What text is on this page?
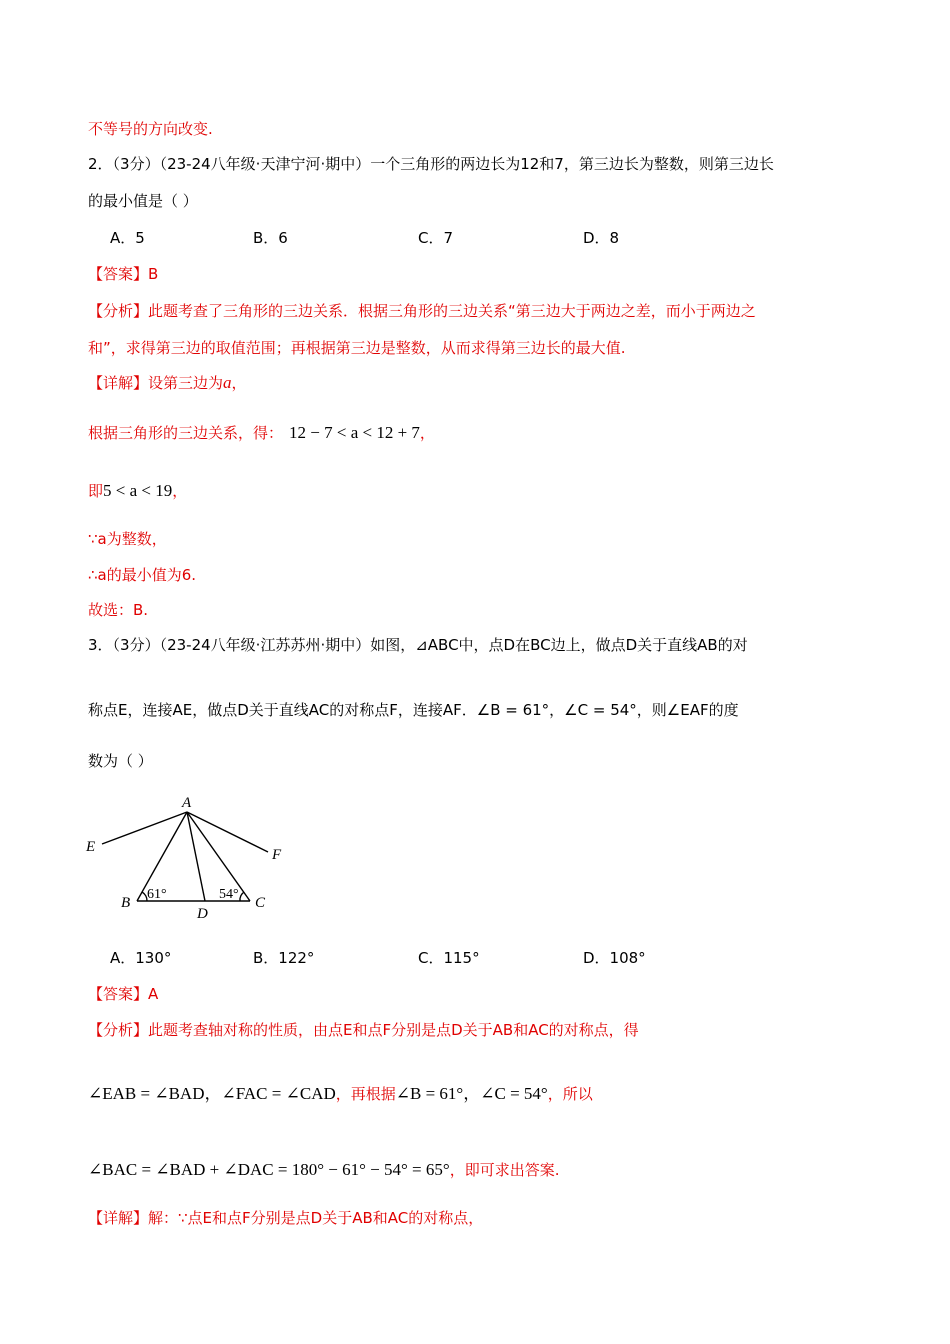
不等号的方向改变.
2．（3分）（23-24八年级·天津宁河·期中）一个三角形的两边长为12和7，第三边长为整数，则第三边长
的最小值是（ ）
A．5	B．6	C．7	D．8
【答案】B
【分析】此题考查了三角形的三边关系．根据三角形的三边关系“第三边大于两边之差，而小于两边之
和”，求得第三边的取值范围；再根据第三边是整数，从而求得第三边长的最大值.
【详解】设第三边为a，
根据三角形的三边关系，得： 12 − 7 < a < 12 + 7，
即5 < a < 19，
∵a为整数，
∴a的最小值为6.
故选：B.
3．（3分）（23-24八年级·江苏苏州·期中）如图，⊿ABC中，点D在BC边上，做点D关于直线AB的对
称点E，连接AE，做点D关于直线AC的对称点F，连接AF．∠B = 61°，∠C = 54°，则∠EAF的度
数为（ ）
A
E	F
B
D
C
61°	54°
A．130°	B．122°	C．115°	D．108°
【答案】A
【分析】此题考查轴对称的性质，由点E和点F分别是点D关于AB和AC的对称点，得
∠EAB = ∠BAD，∠FAC = ∠CAD，再根据∠B = 61°，∠C = 54°，所以
∠BAC = ∠BAD + ∠DAC = 180° − 61° − 54° = 65°，即可求出答案.
【详解】解：∵点E和点F分别是点D关于AB和AC的对称点，
